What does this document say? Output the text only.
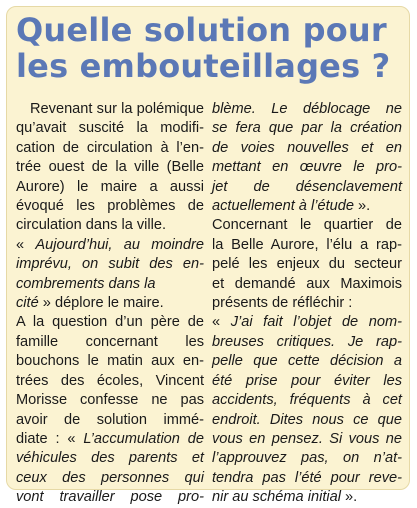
Quelle solution pour
les embouteillages ?
Revenant sur la polémique
qu’avait suscité la modifi-
cation de circulation à l’en-
trée ouest de la ville (Belle
Aurore) le maire a aussi
évoqué les problèmes de
circulation dans la ville.
« Aujourd’hui, au moindre
imprévu, on subit des en-
combrements dans la
cité » déplore le maire.
A la question d’un père de
famille concernant les
bouchons le matin aux en-
trées des écoles, Vincent
Morisse confesse ne pas
avoir de solution immé-
diate : « L’accumulation de
véhicules des parents et
ceux des personnes qui
vont travailler pose pro-
blème. Le déblocage ne
se fera que par la création
de voies nouvelles et en
mettant en œuvre le pro-
jet de désenclavement
actuellement à l’étude ».
Concernant le quartier de
la Belle Aurore, l’élu a rap-
pelé les enjeux du secteur
et demandé aux Maximois
présents de réfléchir :
« J’ai fait l’objet de nom-
breuses critiques. Je rap-
pelle que cette décision a
été prise pour éviter les
accidents, fréquents à cet
endroit. Dites nous ce que
vous en pensez. Si vous ne
l’approuvez pas, on n’at-
tendra pas l’été pour reve-
nir au schéma initial ».
